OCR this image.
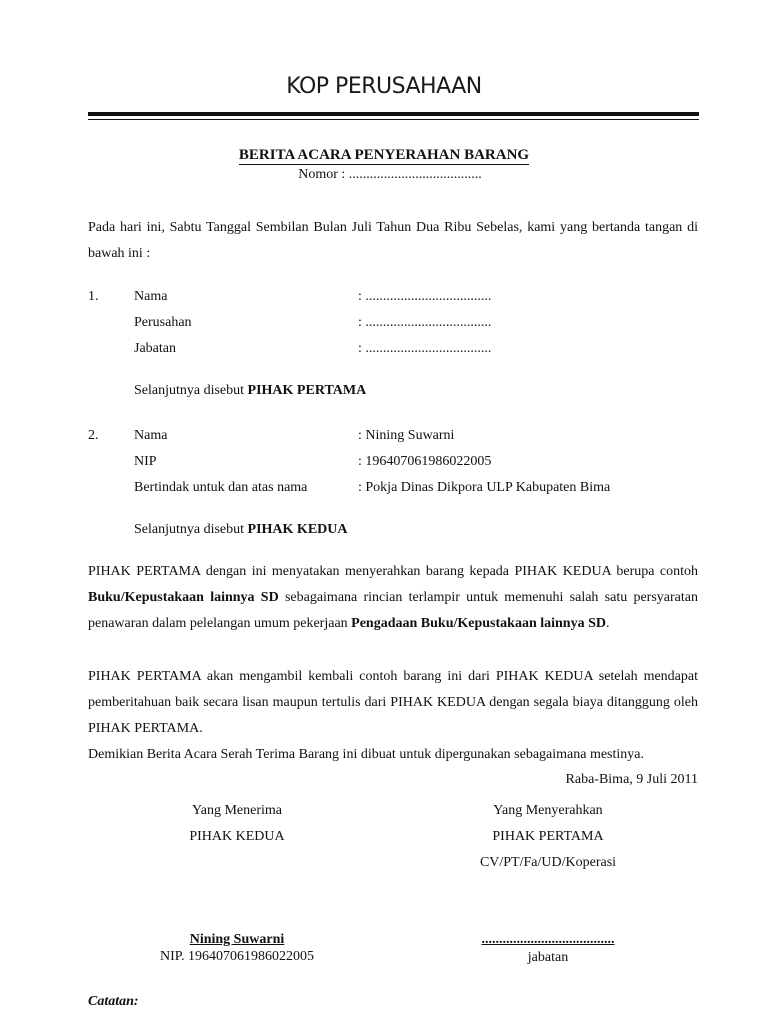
KOP PERUSAHAAN
BERITA ACARA PENYERAHAN BARANG
Nomor : ......................................

Pada hari ini, Sabtu Tanggal Sembilan Bulan Juli Tahun Dua Ribu Sebelas, kami yang bertanda tangan di bawah ini :

1.	Nama	: ....................................
Perusahan	: ....................................
Jabatan	: ....................................
Selanjutnya disebut PIHAK PERTAMA
2.	Nama	: Nining Suwarni
NIP	: 196407061986022005
Bertindak untuk dan atas nama	: Pokja Dinas Dikpora ULP Kabupaten Bima
Selanjutnya disebut PIHAK KEDUA

PIHAK PERTAMA dengan ini menyatakan menyerahkan barang kepada PIHAK KEDUA berupa contoh Buku/Kepustakaan lainnya SD sebagaimana rincian terlampir untuk memenuhi salah satu persyaratan penawaran dalam pelelangan umum pekerjaan Pengadaan Buku/Kepustakaan lainnya SD.

PIHAK PERTAMA akan mengambil kembali contoh barang ini dari PIHAK KEDUA setelah mendapat pemberitahuan baik secara lisan maupun tertulis dari PIHAK KEDUA dengan segala biaya ditanggung oleh PIHAK PERTAMA.

Demikian Berita Acara Serah Terima Barang ini dibuat untuk dipergunakan sebagaimana mestinya.

Raba-Bima, 9 Juli 2011
Yang Menerima
PIHAK KEDUA
Nining Suwarni
NIP. 196407061986022005
Yang Menyerahkan
PIHAK PERTAMA
CV/PT/Fa/UD/Koperasi
......................................
jabatan
Catatan:
